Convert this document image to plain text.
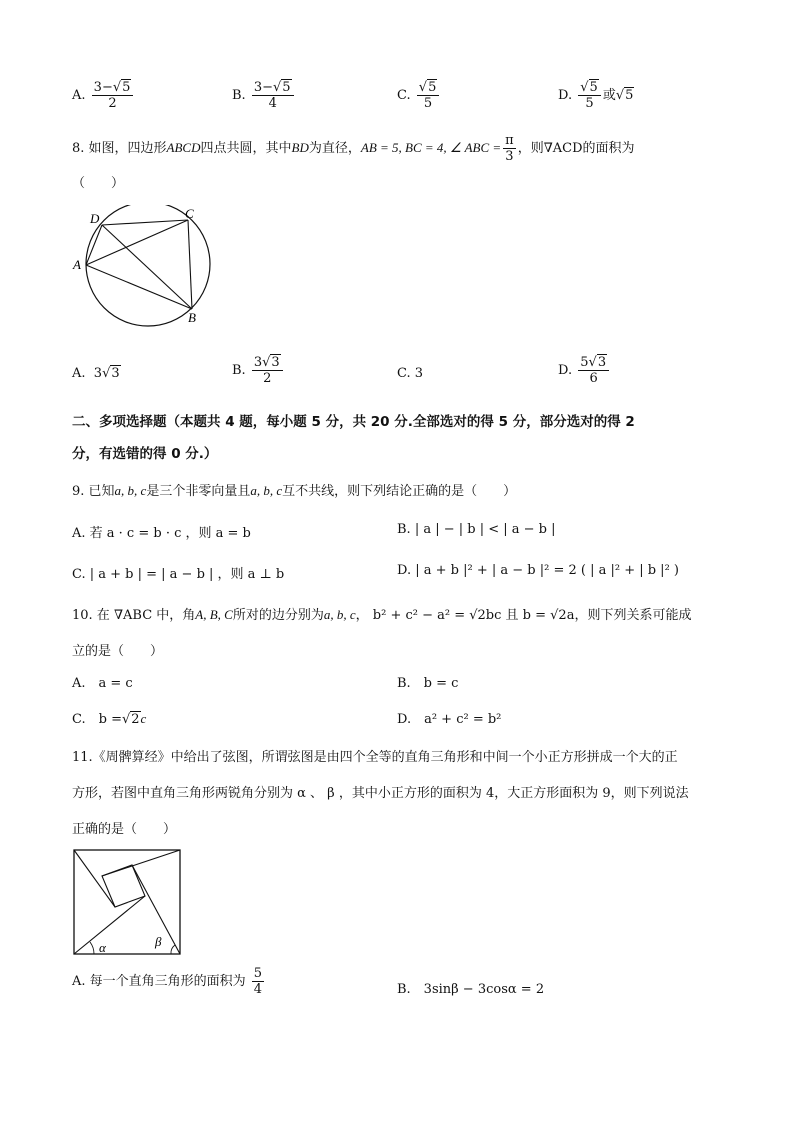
A. $\frac{3-√5}{2}$	B. $\frac{3-√5}{4}$	C. $\frac{√5}{5}$	D. $\frac{√5}{5}$ 或√5
8. 如图，四边形ABCD四点共圆，其中BD为直径，AB = 5, BC = 4, ∠ ABC = $\frac{\pi}{3}$ ，则∇ACD的面积为
（　　）
D	C
A
B
A. 3√3	B. $\frac{3√3}{2}$	C. 3	D. $\frac{5√3}{6}$
二、多项选择题（本题共 4 题，每小题 5 分，共 20 分.全部选对的得 5 分，部分选对的得 2
分，有选错的得 0 分.）
9. 已知a, b, c是三个非零向量且a, b, c互不共线，则下列结论正确的是（　　）
A. 若 a · c = b · c ，则 a = b	B. | a | − | b | < | a − b |
C. | a + b | = | a − b | ，则 a ⊥ b	D. | a + b |² + | a − b |² = 2 ( | a |² + | b |² )
10. 在 ∇ABC 中，角A, B, C所对的边分别为a, b, c， b² + c² − a² = √2bc 且 b = √2a，则下列关系可能成
立的是（　　）
A.　a = c	B.　b = c
C.　b =√2c	D.　a² + c² = b²
11.《周髀算经》中给出了弦图，所谓弦图是由四个全等的直角三角形和中间一个小正方形拼成一个大的正
方形，若图中直角三角形两锐角分别为 α 、 β ，其中小正方形的面积为 4，大正方形面积为 9，则下列说法
正确的是（　　）
α	β
A. 每一个直角三角形的面积为 $\frac{5}{4}$	B.　3sinβ − 3cosα = 2
